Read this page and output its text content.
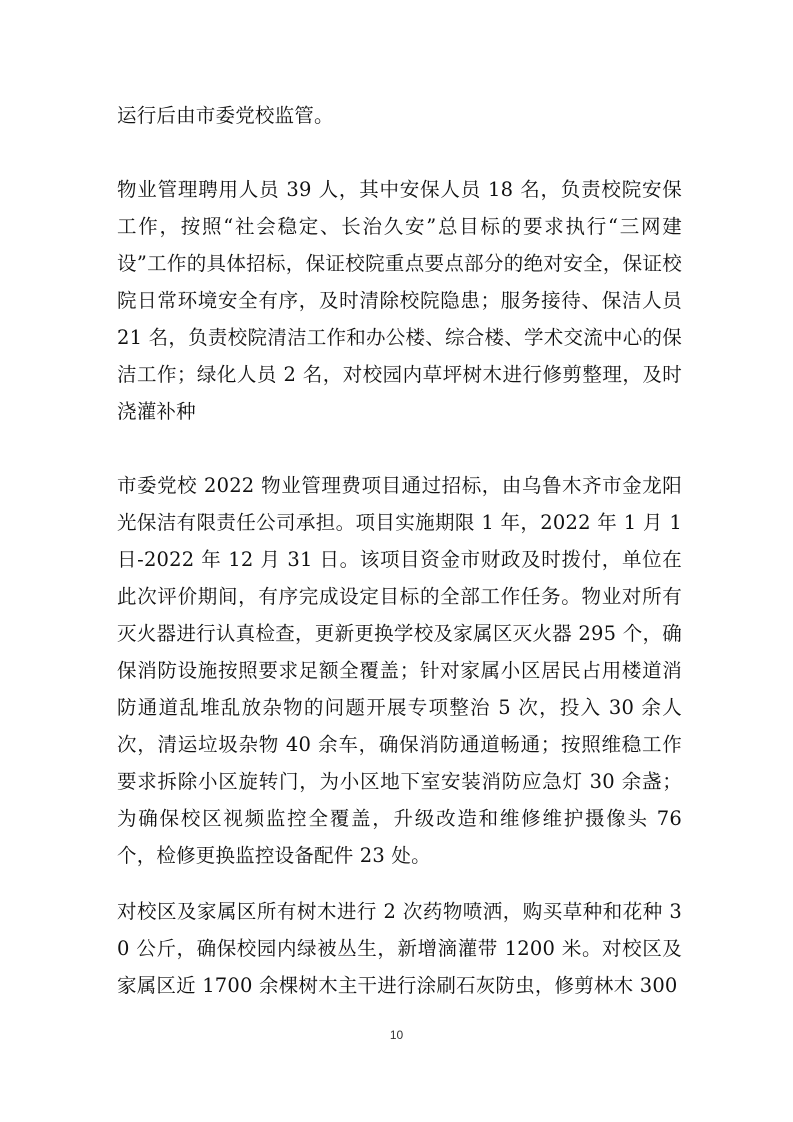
运行后由市委党校监管。

物业管理聘用人员 39 人，其中安保人员 18 名，负责校院安保工作，按照“社会稳定、长治久安”总目标的要求执行“三网建设”工作的具体招标，保证校院重点要点部分的绝对安全，保证校院日常环境安全有序，及时清除校院隐患；服务接待、保洁人员 21 名，负责校院清洁工作和办公楼、综合楼、学术交流中心的保洁工作；绿化人员 2 名，对校园内草坪树木进行修剪整理，及时浇灌补种

市委党校 2022 物业管理费项目通过招标，由乌鲁木齐市金龙阳光保洁有限责任公司承担。项目实施期限 1 年，2022 年 1 月 1 日-2022 年 12 月 31 日。该项目资金市财政及时拨付，单位在此次评价期间，有序完成设定目标的全部工作任务。物业对所有灭火器进行认真检查，更新更换学校及家属区灭火器 295 个，确保消防设施按照要求足额全覆盖；针对家属小区居民占用楼道消防通道乱堆乱放杂物的问题开展专项整治 5 次，投入 30 余人次，清运垃圾杂物 40 余车，确保消防通道畅通；按照维稳工作要求拆除小区旋转门，为小区地下室安装消防应急灯 30 余盏；为确保校区视频监控全覆盖，升级改造和维修维护摄像头 76 个，检修更换监控设备配件 23 处。

对校区及家属区所有树木进行 2 次药物喷洒，购买草种和花种 30 公斤，确保校园内绿被丛生，新增滴灌带 1200 米。对校区及家属区近 1700 余棵树木主干进行涂刷石灰防虫，修剪林木 300

10
